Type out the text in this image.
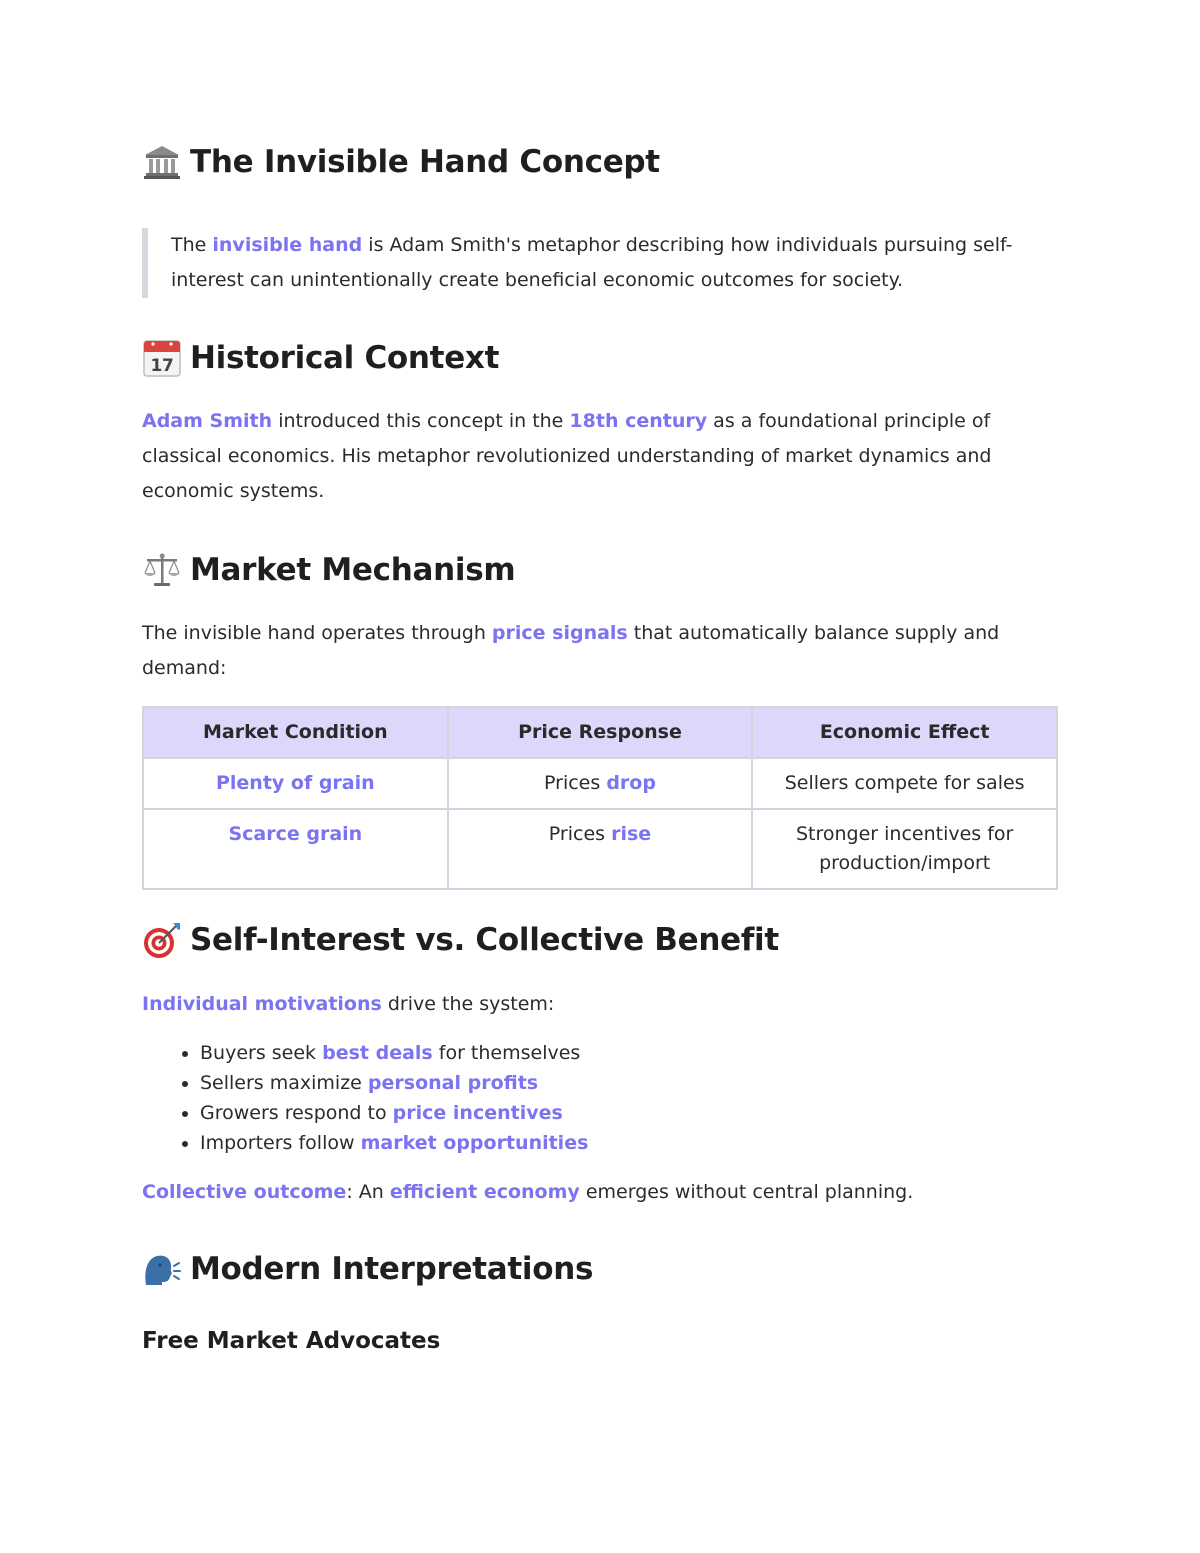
The Invisible Hand Concept

The invisible hand is Adam Smith's metaphor describing how individuals pursuing self-interest can unintentionally create beneficial economic outcomes for society.

17 Historical Context

Adam Smith introduced this concept in the 18th century as a foundational principle of classical economics. His metaphor revolutionized understanding of market dynamics and economic systems.

Market Mechanism

The invisible hand operates through price signals that automatically balance supply and demand:

Market Condition	Price Response	Economic Effect
Plenty of grain	Prices drop	Sellers compete for sales
Scarce grain	Prices rise	Stronger incentives for production/import
Self-Interest vs. Collective Benefit

Individual motivations drive the system:

• Buyers seek best deals for themselves
• Sellers maximize personal profits
• Growers respond to price incentives
• Importers follow market opportunities

Collective outcome: An efficient economy emerges without central planning.

Modern Interpretations
Free Market Advocates
